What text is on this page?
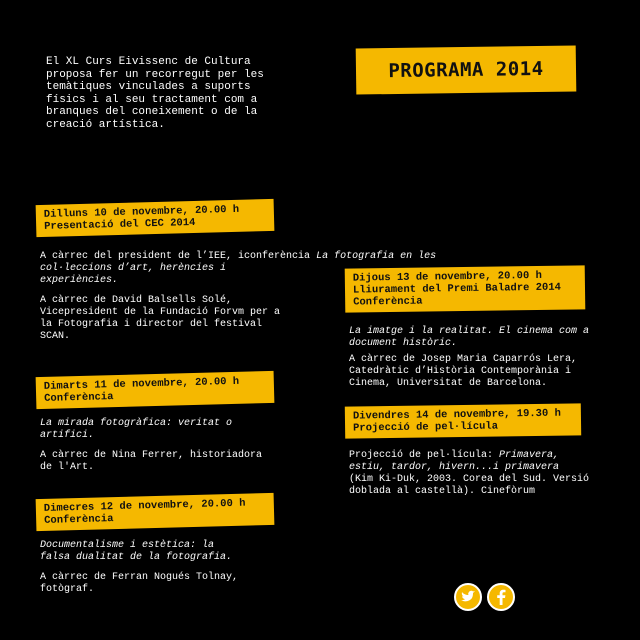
El XL Curs Eivissenc de Cultura
proposa fer un recorregut per les
temàtiques vinculades a suports
físics i al seu tractament com a
branques del coneixement o de la
creació artística.
PROGRAMA 2014
Dilluns 10 de novembre, 20.00 h
Presentació del CEC 2014
A càrrec del president de l’IEE, iconferència La fotografia en les
col·leccions d’art, herències i
experiències.
A càrrec de David Balsells Solé,
Vicepresident de la Fundació Forvm per a
la Fotografia i director del festival
SCAN.
Dimarts 11 de novembre, 20.00 h
Conferència
La mirada fotogràfica: veritat o
artifici.
A càrrec de Nina Ferrer, historiadora
de l'Art.
Dimecres 12 de novembre, 20.00 h
Conferència
Documentalisme i estètica: la
falsa dualitat de la fotografia.
A càrrec de Ferran Nogués Tolnay,
fotògraf.
Dijous 13 de novembre, 20.00 h
Lliurament del Premi Baladre 2014
Conferència
La imatge i la realitat. El cinema com a
document històric.
A càrrec de Josep Maria Caparrós Lera,
Catedràtic d’Història Contemporània i
Cinema, Universitat de Barcelona.
Divendres 14 de novembre, 19.30 h
Projecció de pel·lícula
Projecció de pel·lícula: Primavera,
estiu, tardor, hivern...i primavera
(Kim Ki-Duk, 2003. Corea del Sud. Versió
doblada al castellà). Cinefòrum
